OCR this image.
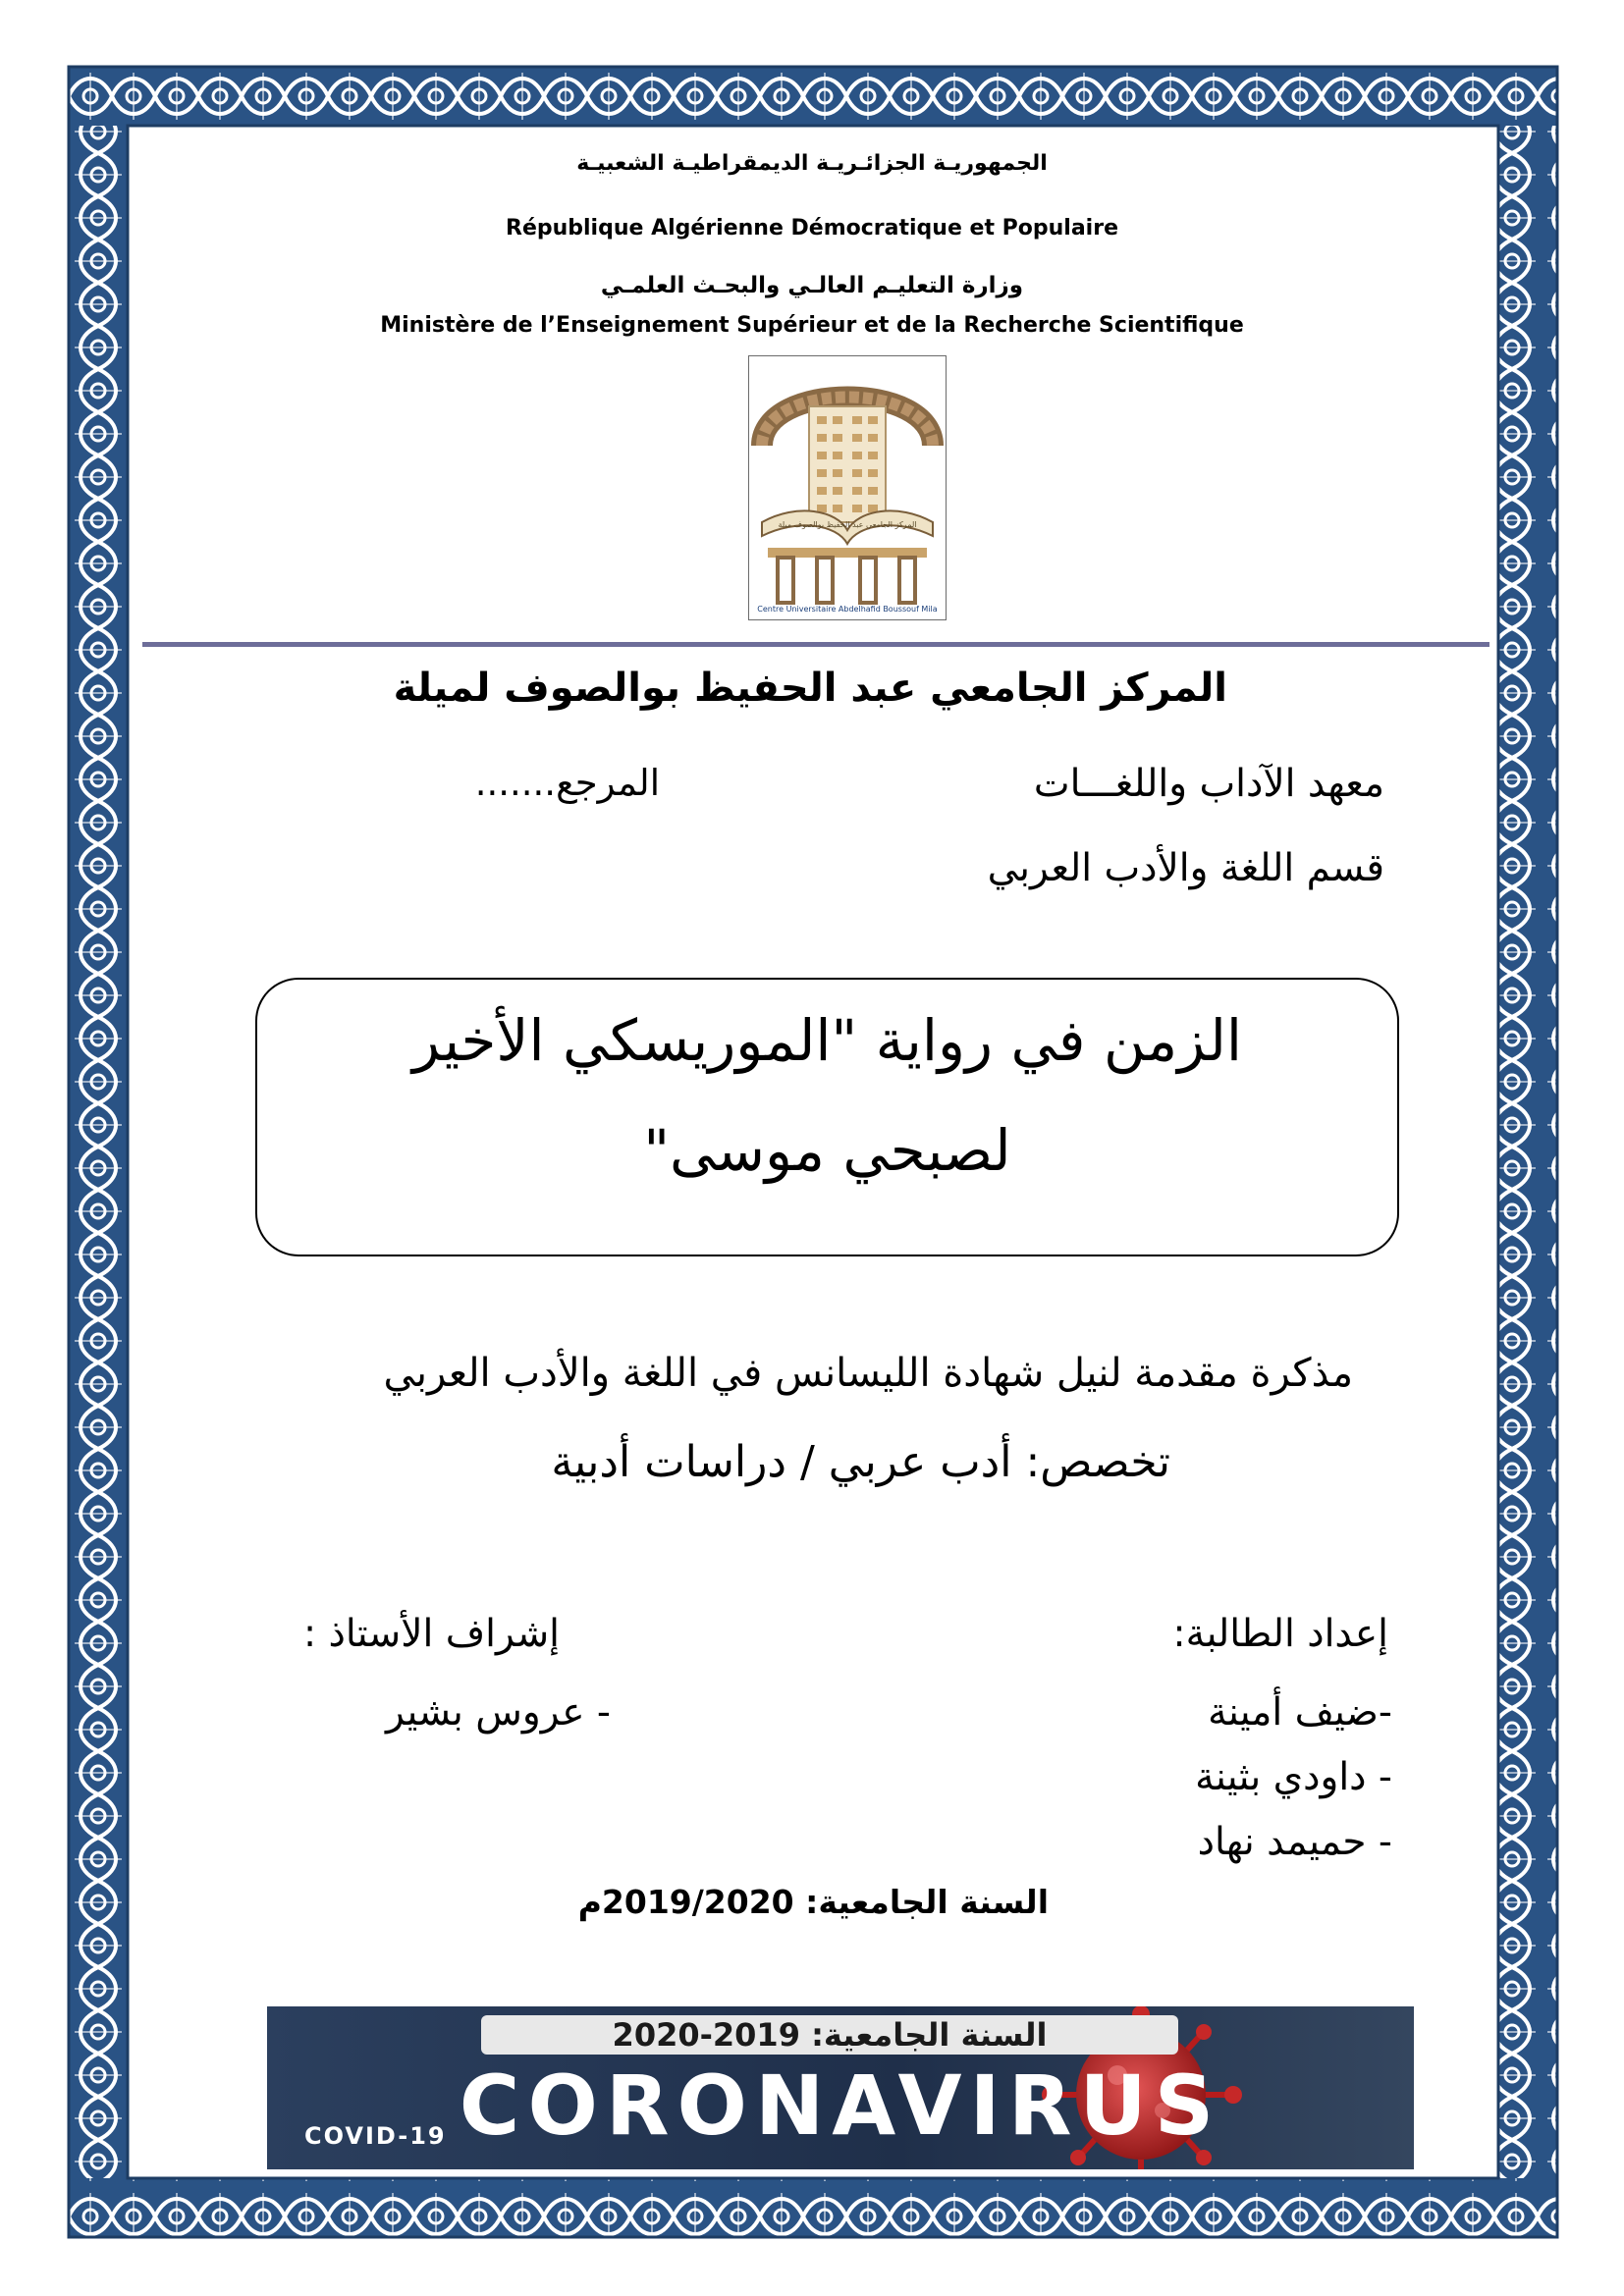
الجمهوريـة الجزائـريـة الديمقراطيـة الشعبيـة
République Algérienne Démocratique et Populaire
وزارة التعليـم العالـي والبحـث العلمـي
Ministère de l’Enseignement Supérieur et de la Recherche Scientifique
المركز الجامعي عبد الحفيظ بوالصوف ميلة
Centre Universitaire Abdelhafid Boussouf Mila
المركز الجامعي عبد الحفيظ بوالصوف لميلة
معهد الآداب واللغـــات
المرجع.......
قسم اللغة والأدب العربي
الزمن في رواية "الموريسكي الأخير
لصبحي موسى"
مذكرة مقدمة لنيل شهادة الليسانس في اللغة والأدب العربي
تخصص: أدب عربي / دراسات أدبية
إعداد الطالبة:
-ضيف أمينة
- داودي بثينة
- حميمد نهاد
إشراف الأستاذ :
- عروس بشير
السنة الجامعية: 2019/2020م
السنة الجامعية: 2019-2020
CORONAVIRUS
COVID-19
